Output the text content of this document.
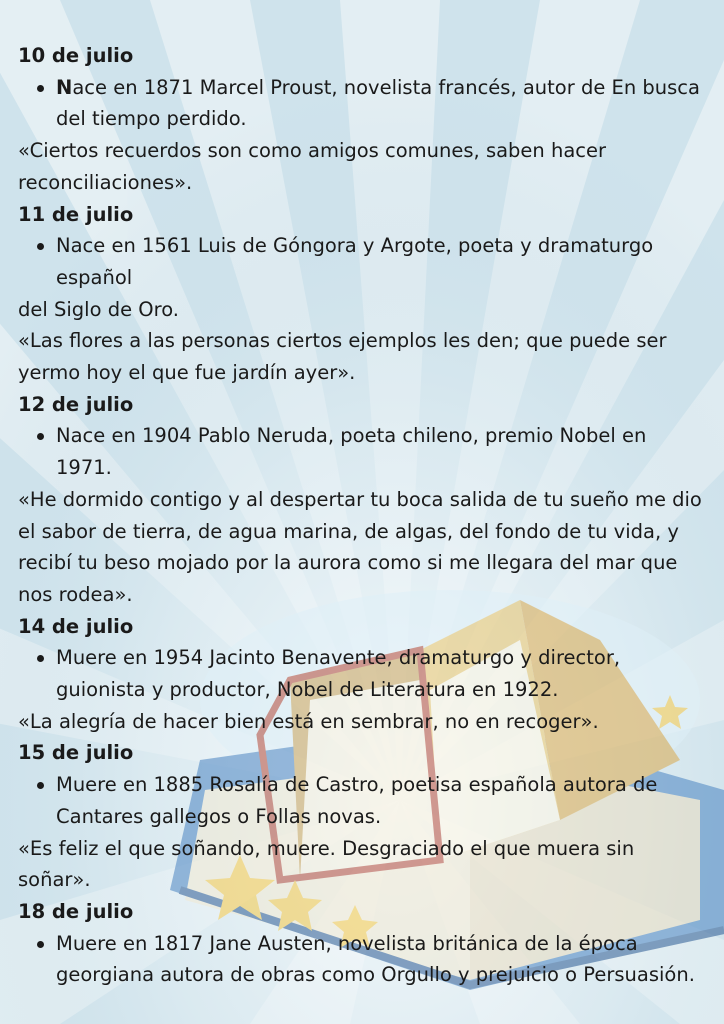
10 de julio

Nace en 1871 Marcel Proust, novelista francés, autor de En busca del tiempo perdido.

«Ciertos recuerdos son como amigos comunes, saben hacer reconciliaciones».

11 de julio

Nace en 1561 Luis de Góngora y Argote, poeta y dramaturgo español

del Siglo de Oro.

«Las flores a las personas ciertos ejemplos les den; que puede ser yermo hoy el que fue jardín ayer».

12 de julio

Nace en 1904 Pablo Neruda, poeta chileno, premio Nobel en 1971.

«He dormido contigo y al despertar tu boca salida de tu sueño me dio el sabor de tierra, de agua marina, de algas, del fondo de tu vida, y recibí tu beso mojado por la aurora como si me llegara del mar que nos rodea».

14 de julio

Muere en 1954 Jacinto Benavente, dramaturgo y director, guionista y productor, Nobel de Literatura en 1922.

«La alegría de hacer bien está en sembrar, no en recoger».

15 de julio

Muere en 1885 Rosalía de Castro, poetisa española autora de Cantares gallegos o Follas novas.

«Es feliz el que soñando, muere. Desgraciado el que muera sin soñar».

18 de julio

Muere en 1817 Jane Austen, novelista británica de la época georgiana autora de obras como Orgullo y prejuicio o Persuasión.
